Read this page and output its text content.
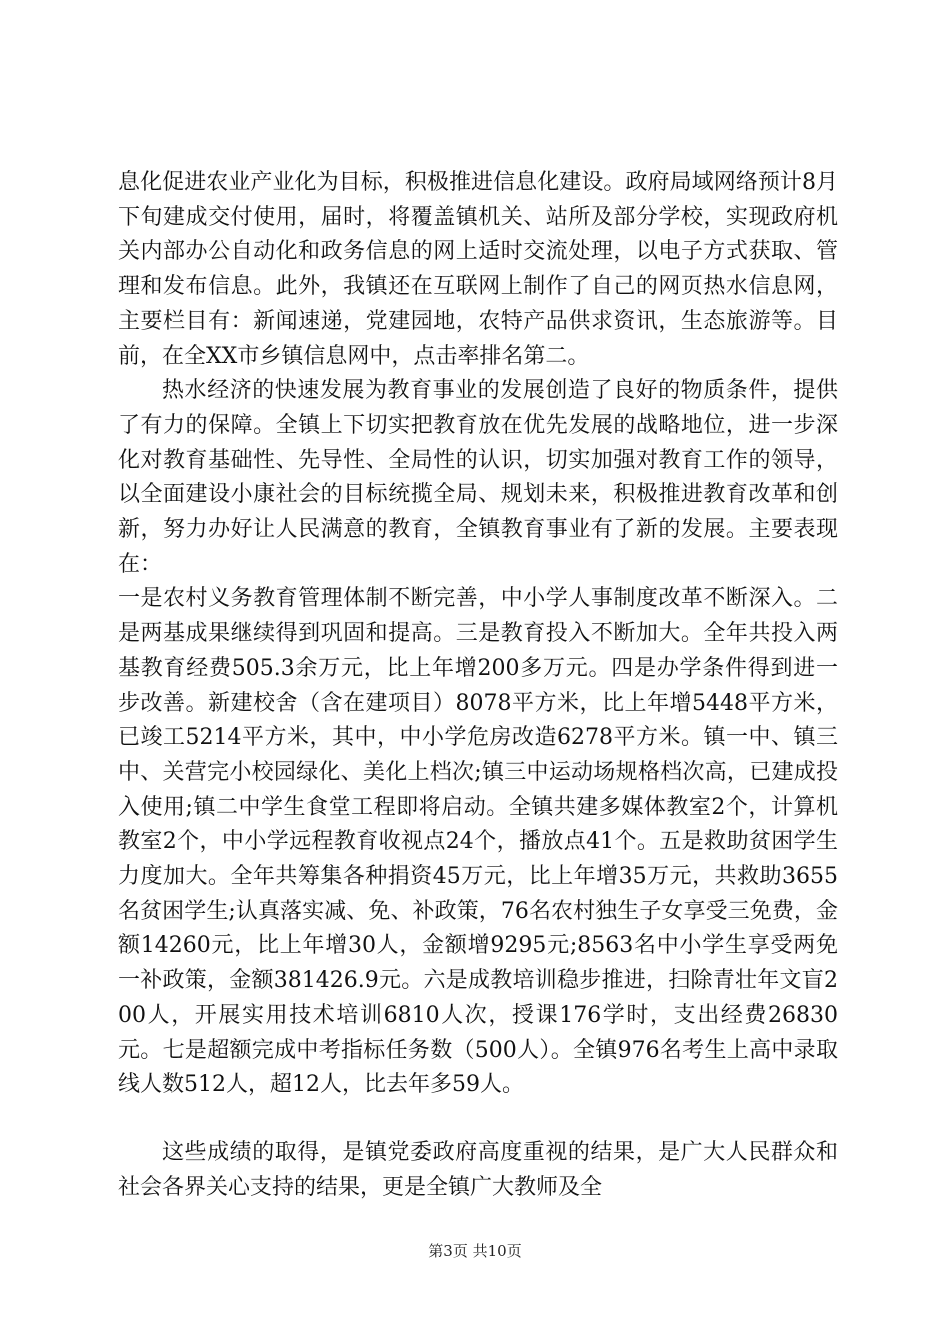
息化促进农业产业化为目标，积极推进信息化建设。政府局域网络预计8月下旬建成交付使用，届时，将覆盖镇机关、站所及部分学校，实现政府机关内部办公自动化和政务信息的网上适时交流处理，以电子方式获取、管理和发布信息。此外，我镇还在互联网上制作了自己的网页热水信息网，主要栏目有：新闻速递，党建园地，农特产品供求资讯，生态旅游等。目前，在全XX市乡镇信息网中，点击率排名第二。

热水经济的快速发展为教育事业的发展创造了良好的物质条件，提供了有力的保障。全镇上下切实把教育放在优先发展的战略地位，进一步深化对教育基础性、先导性、全局性的认识，切实加强对教育工作的领导，以全面建设小康社会的目标统揽全局、规划未来，积极推进教育改革和创新，努力办好让人民满意的教育，全镇教育事业有了新的发展。主要表现在：

一是农村义务教育管理体制不断完善，中小学人事制度改革不断深入。二是两基成果继续得到巩固和提高。三是教育投入不断加大。全年共投入两基教育经费505.3余万元，比上年增200多万元。四是办学条件得到进一步改善。新建校舍（含在建项目）8078平方米，比上年增5448平方米，已竣工5214平方米，其中，中小学危房改造6278平方米。镇一中、镇三中、关营完小校园绿化、美化上档次;镇三中运动场规格档次高，已建成投入使用;镇二中学生食堂工程即将启动。全镇共建多媒体教室2个，计算机教室2个，中小学远程教育收视点24个，播放点41个。五是救助贫困学生力度加大。全年共筹集各种捐资45万元，比上年增35万元，共救助3655名贫困学生;认真落实减、免、补政策，76名农村独生子女享受三免费，金额14260元，比上年增30人，金额增9295元;8563名中小学生享受两免一补政策，金额381426.9元。六是成教培训稳步推进，扫除青壮年文盲200人，开展实用技术培训6810人次，授课176学时，支出经费26830元。七是超额完成中考指标任务数（500人）。全镇976名考生上高中录取线人数512人，超12人，比去年多59人。

这些成绩的取得，是镇党委政府高度重视的结果，是广大人民群众和社会各界关心支持的结果，更是全镇广大教师及全

第3页 共10页
